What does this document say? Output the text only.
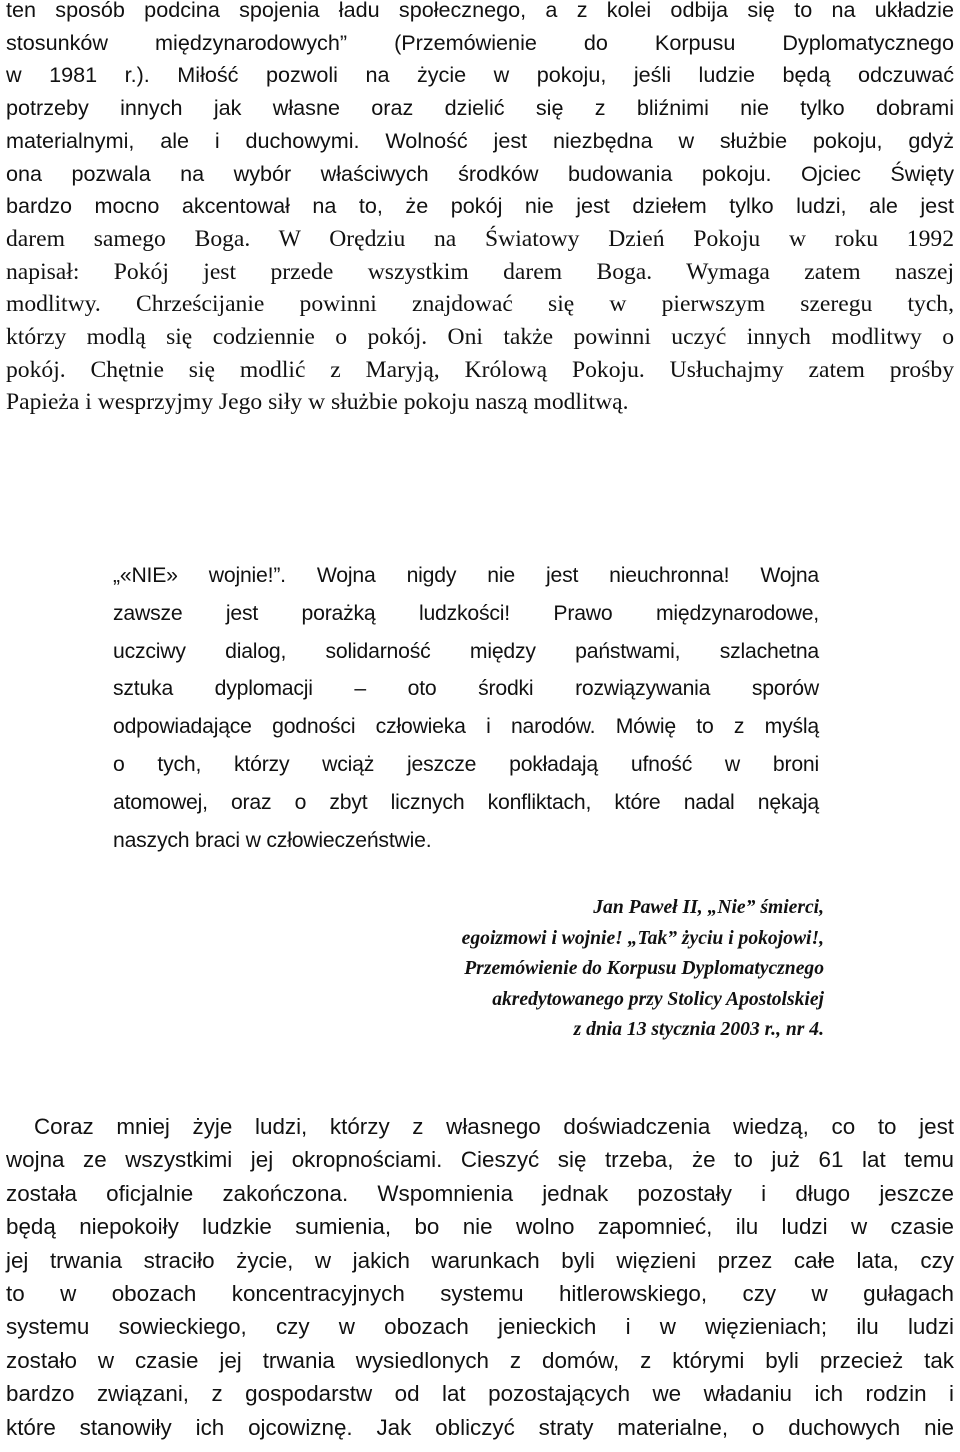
ten sposób podcina spojenia ładu społecznego, a z kolei odbija się to na układzie
stosunków międzynarodowych” (Przemówienie do Korpusu Dyplomatycznego
w 1981 r.). Miłość pozwoli na życie w pokoju, jeśli ludzie będą odczuwać
potrzeby innych jak własne oraz dzielić się z bliźnimi nie tylko dobrami
materialnymi, ale i duchowymi. Wolność jest niezbędna w służbie pokoju, gdyż
ona pozwala na wybór właściwych środków budowania pokoju. Ojciec Święty
bardzo mocno akcentował na to, że pokój nie jest dziełem tylko ludzi, ale jest
darem samego Boga. W Orędziu na Światowy Dzień Pokoju w roku 1992
napisał: Pokój jest przede wszystkim darem Boga. Wymaga zatem naszej
modlitwy. Chrześcijanie powinni znajdować się w pierwszym szeregu tych,
którzy modlą się codziennie o pokój. Oni także powinni uczyć innych modlitwy o
pokój. Chętnie się modlić z Maryją, Królową Pokoju. Usłuchajmy zatem prośby
Papieża i wesprzyjmy Jego siły w służbie pokoju naszą modlitwą.

„«NIE» wojnie!”. Wojna nigdy nie jest nieuchronna! Wojna
zawsze jest porażką ludzkości! Prawo międzynarodowe,
uczciwy dialog, solidarność między państwami, szlachetna
sztuka dyplomacji – oto środki rozwiązywania sporów
odpowiadające godności człowieka i narodów. Mówię to z myślą
o tych, którzy wciąż jeszcze pokładają ufność w broni
atomowej, oraz o zbyt licznych konfliktach, które nadal nękają
naszych braci w człowieczeństwie.

Jan Paweł II, „Nie” śmierci,
egoizmowi i wojnie! „Tak” życiu i pokojowi!,
Przemówienie do Korpusu Dyplomatycznego
akredytowanego przy Stolicy Apostolskiej
z dnia 13 stycznia 2003 r., nr 4.

Coraz mniej żyje ludzi, którzy z własnego doświadczenia wiedzą, co to jest
wojna ze wszystkimi jej okropnościami. Cieszyć się trzeba, że to już 61 lat temu
została oficjalnie zakończona. Wspomnienia jednak pozostały i długo jeszcze
będą niepokoiły ludzkie sumienia, bo nie wolno zapomnieć, ilu ludzi w czasie
jej trwania straciło życie, w jakich warunkach byli więzieni przez całe lata, czy
to w obozach koncentracyjnych systemu hitlerowskiego, czy w gułagach
systemu sowieckiego, czy w obozach jenieckich i w więzieniach; ilu ludzi
zostało w czasie jej trwania wysiedlonych z domów, z którymi byli przecież tak
bardzo związani, z gospodarstw od lat pozostających we władaniu ich rodzin i
które stanowiły ich ojcowiznę. Jak obliczyć straty materialne, o duchowych nie
